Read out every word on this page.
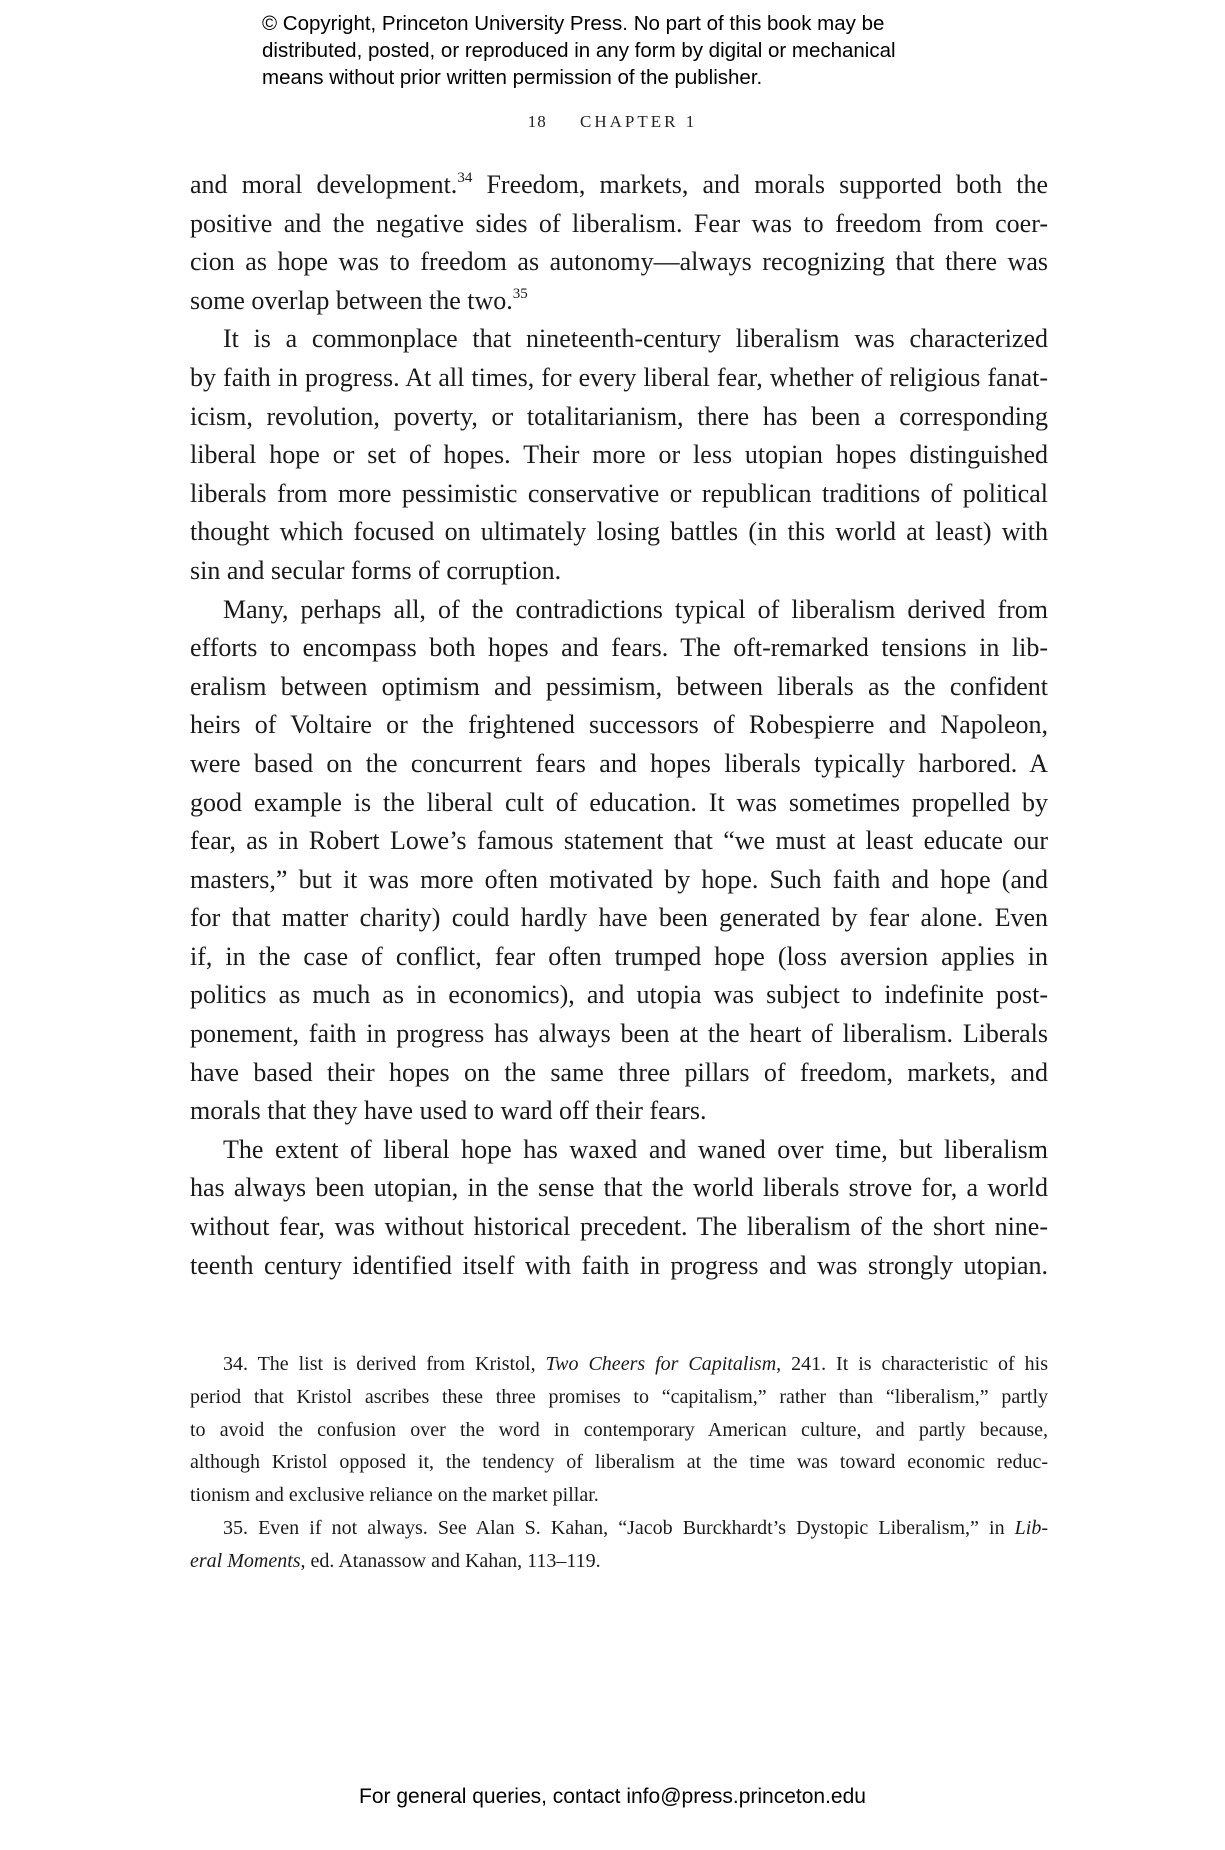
© Copyright, Princeton University Press. No part of this book may be
distributed, posted, or reproduced in any form by digital or mechanical
means without prior written permission of the publisher.
18 CHAPTER 1
and moral development.$^{34}$ Freedom, markets, and morals supported both the
positive and the negative sides of liberalism. Fear was to freedom from coer-
cion as hope was to freedom as autonomy—always recognizing that there was
some overlap between the two.$^{35}$
It is a commonplace that nineteenth-century liberalism was characterized
by faith in progress. At all times, for every liberal fear, whether of religious fanat-
icism, revolution, poverty, or totalitarianism, there has been a corresponding
liberal hope or set of hopes. Their more or less utopian hopes distinguished
liberals from more pessimistic conservative or republican traditions of political
thought which focused on ultimately losing battles (in this world at least) with
sin and secular forms of corruption.
Many, perhaps all, of the contradictions typical of liberalism derived from
efforts to encompass both hopes and fears. The oft-remarked tensions in lib-
eralism between optimism and pessimism, between liberals as the confident
heirs of Voltaire or the frightened successors of Robespierre and Napoleon,
were based on the concurrent fears and hopes liberals typically harbored. A
good example is the liberal cult of education. It was sometimes propelled by
fear, as in Robert Lowe’s famous statement that “we must at least educate our
masters,” but it was more often motivated by hope. Such faith and hope (and
for that matter charity) could hardly have been generated by fear alone. Even
if, in the case of conflict, fear often trumped hope (loss aversion applies in
politics as much as in economics), and utopia was subject to indefinite post-
ponement, faith in progress has always been at the heart of liberalism. Liberals
have based their hopes on the same three pillars of freedom, markets, and
morals that they have used to ward off their fears.
The extent of liberal hope has waxed and waned over time, but liberalism
has always been utopian, in the sense that the world liberals strove for, a world
without fear, was without historical precedent. The liberalism of the short nine-
teenth century identified itself with faith in progress and was strongly utopian.
34. The list is derived from Kristol, Two Cheers for Capitalism, 241. It is characteristic of his
period that Kristol ascribes these three promises to “capitalism,” rather than “liberalism,” partly
to avoid the confusion over the word in contemporary American culture, and partly because,
although Kristol opposed it, the tendency of liberalism at the time was toward economic reduc-
tionism and exclusive reliance on the market pillar.
35. Even if not always. See Alan S. Kahan, “Jacob Burckhardt’s Dystopic Liberalism,” in Lib-
eral Moments, ed. Atanassow and Kahan, 113–119.
For general queries, contact info@press.princeton.edu
